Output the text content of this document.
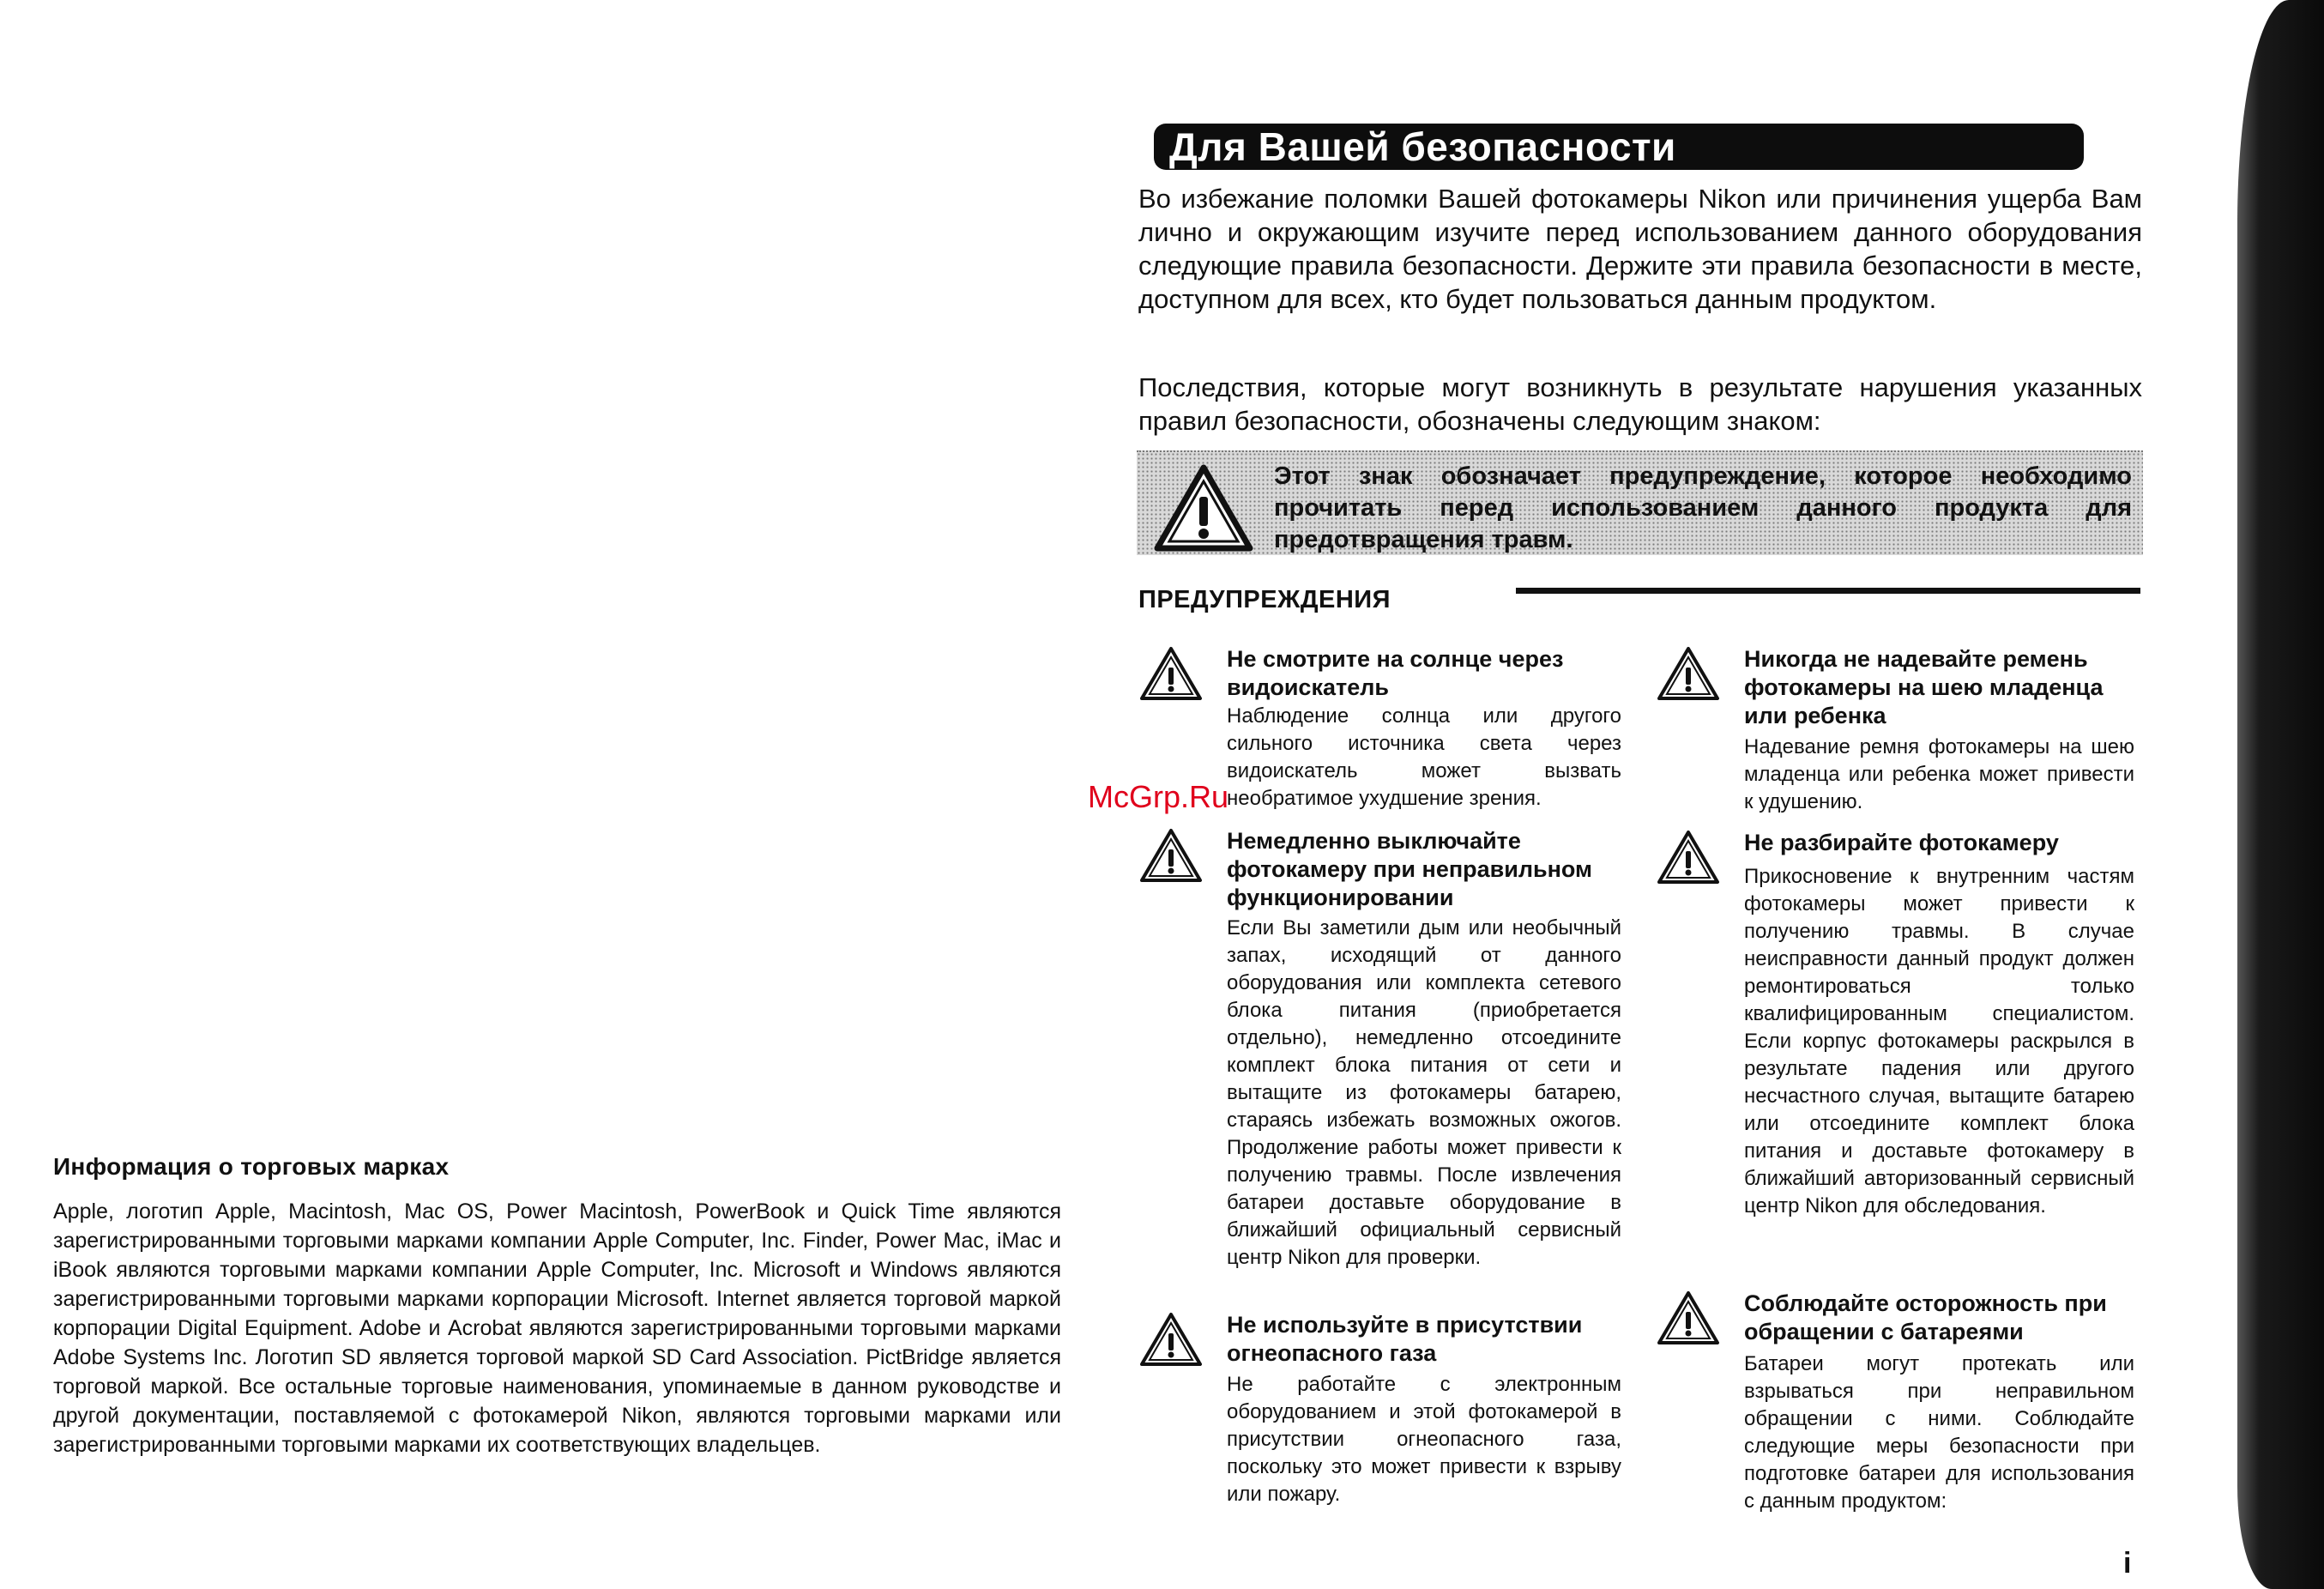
Информация о торговых марках
Apple, логотип Apple, Macintosh, Mac OS, Power Macintosh, PowerBook и Quick Time являются зарегистрированными торговыми марками компании Apple Computer, Inc. Finder, Power Mac, iMac и iBook являются торговыми марками компании Apple Computer, Inc. Microsoft и Windows являются зарегистрированными торговыми марками корпорации Microsoft. Internet является торговой маркой корпорации Digital Equipment. Adobe и Acrobat являются зарегистрированными торговыми марками Adobe Systems Inc. Логотип SD является торговой маркой SD Card Association. PictBridge является торговой маркой. Все остальные торговые наименования, упоминаемые в данном руководстве и другой документации, поставляемой с фотокамерой Nikon, являются торговыми марками или зарегистрированными торговыми марками их соответствующих владельцев.
Для Вашей безопасности
Во избежание поломки Вашей фотокамеры Nikon или причинения ущерба Вам лично и окружающим изучите перед использованием данного оборудования следующие правила безопасности. Держите эти правила безопасности в месте, доступном для всех, кто будет пользоваться данным продуктом.
Последствия, которые могут возникнуть в результате нарушения указанных правил безопасности, обозначены следующим знаком:
Этот знак обозначает предупреждение, которое необходимо прочитать перед использованием данного продукта для предотвращения травм.
ПРЕДУПРЕЖДЕНИЯ
Не смотрите на солнце через видоискатель
Наблюдение солнца или другого сильного источника света через видоискатель может вызвать необратимое ухудшение зрения.
Немедленно выключайте фотокамеру при неправильном функционировании
Если Вы заметили дым или необычный запах, исходящий от данного оборудования или комплекта сетевого блока питания (приобретается отдельно), немедленно отсоедините комплект блока питания от сети и вытащите из фотокамеры батарею, стараясь избежать возможных ожогов. Продолжение работы может привести к получению травмы. После извлечения батареи доставьте оборудование в ближайший официальный сервисный центр Nikon для проверки.
Не используйте в присутствии огнеопасного газа
Не работайте с электронным оборудованием и этой фотокамерой в присутствии огнеопасного газа, поскольку это может привести к взрыву или пожару.
Никогда не надевайте ремень фотокамеры на шею младенца или ребенка
Надевание ремня фотокамеры на шею младенца или ребенка может привести к удушению.
Не разбирайте фотокамеру
Прикосновение к внутренним частям фотокамеры может привести к получению травмы. В случае неисправности данный продукт должен ремонтироваться только квалифицированным специалистом. Если корпус фотокамеры раскрылся в результате падения или другого несчастного случая, вытащите батарею или отсоедините комплект блока питания и доставьте фотокамеру в ближайший авторизованный сервисный центр Nikon для обследования.
Соблюдайте осторожность при обращении с батареями
Батареи могут протекать или взрываться при неправильном обращении с ними. Соблюдайте следующие меры безопасности при подготовке батареи для использования с данным продуктом:
i
McGrp.Ru
